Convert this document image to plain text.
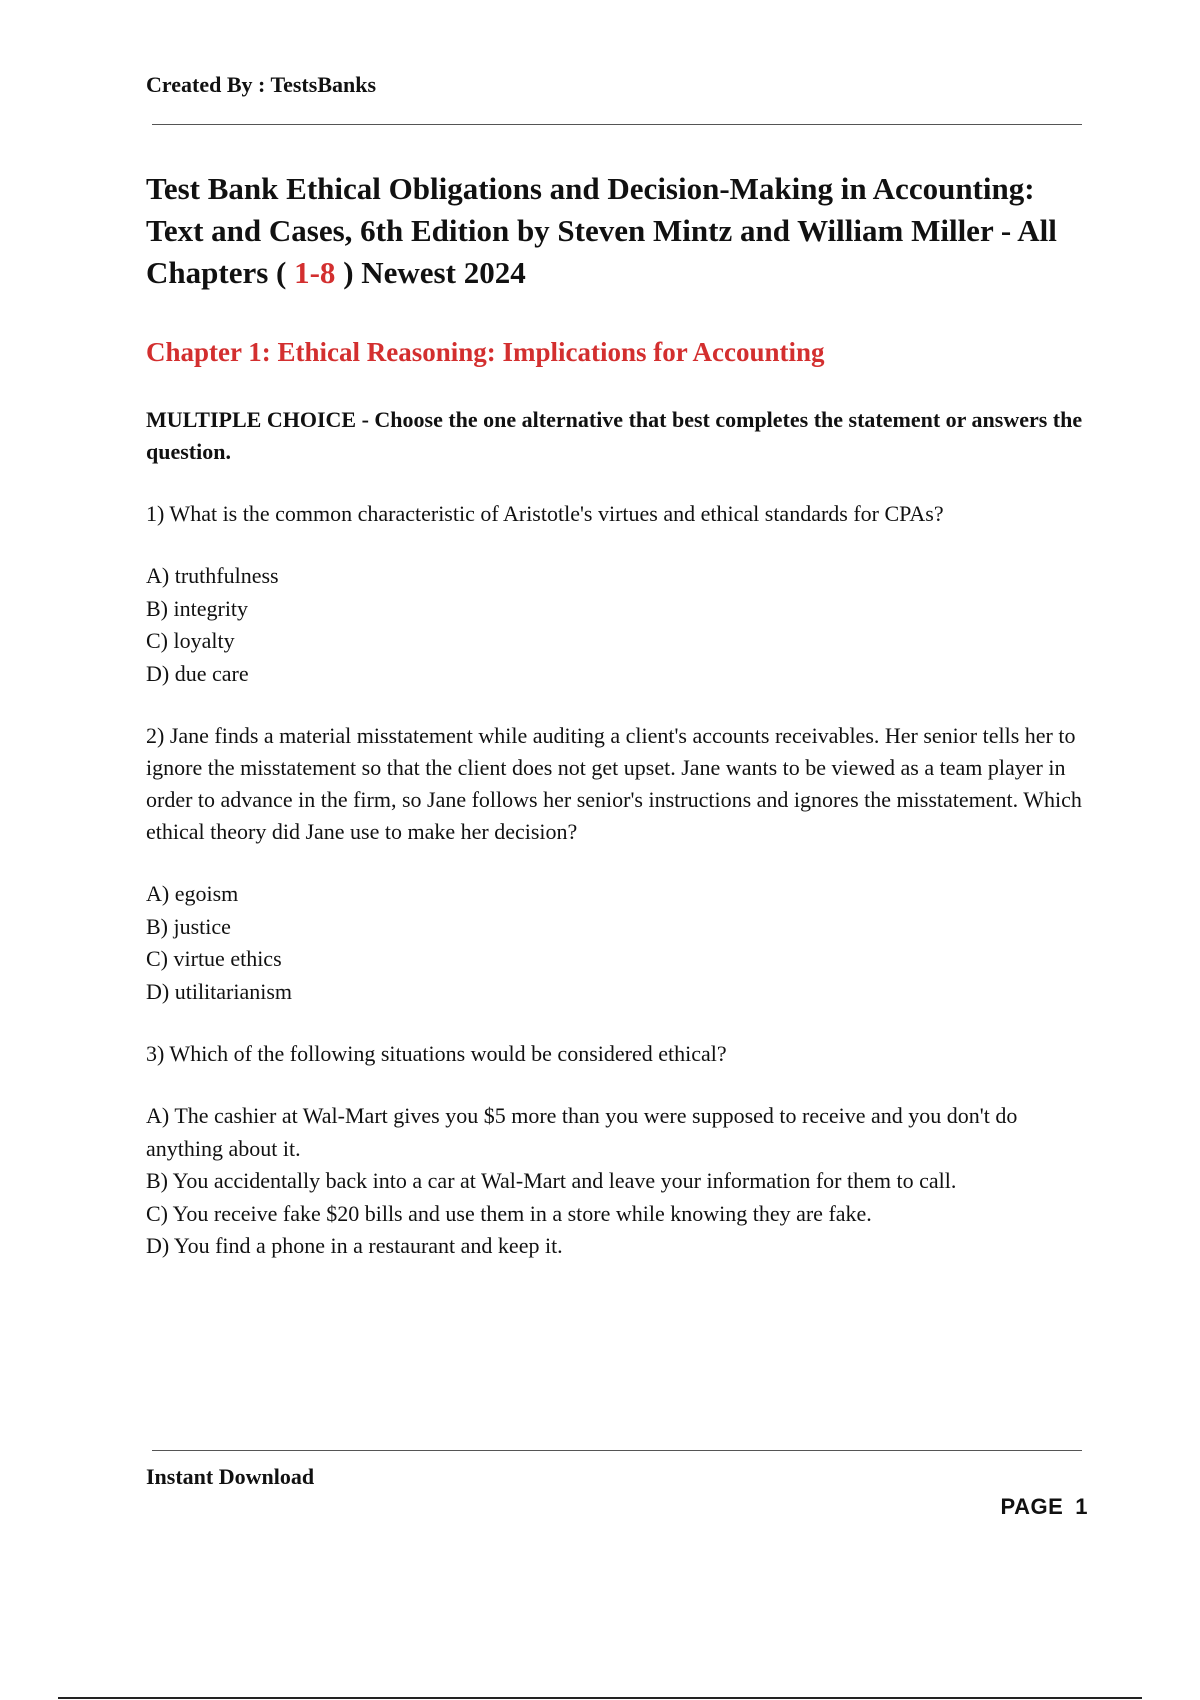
Created By : TestsBanks
Test Bank Ethical Obligations and Decision-Making in Accounting: Text and Cases, 6th Edition by Steven Mintz and William Miller - All Chapters ( 1-8 ) Newest 2024
Chapter 1: Ethical Reasoning: Implications for Accounting

MULTIPLE CHOICE - Choose the one alternative that best completes the statement or answers the question.

1) What is the common characteristic of Aristotle's virtues and ethical standards for CPAs?

A) truthfulness
B) integrity
C) loyalty
D) due care

2) Jane finds a material misstatement while auditing a client's accounts receivables. Her senior tells her to ignore the misstatement so that the client does not get upset. Jane wants to be viewed as a team player in order to advance in the firm, so Jane follows her senior's instructions and ignores the misstatement. Which ethical theory did Jane use to make her decision?

A) egoism
B) justice
C) virtue ethics
D) utilitarianism

3) Which of the following situations would be considered ethical?

A) The cashier at Wal-Mart gives you $5 more than you were supposed to receive and you don't do anything about it.
B) You accidentally back into a car at Wal-Mart and leave your information for them to call.
C) You receive fake $20 bills and use them in a store while knowing they are fake.
D) You find a phone in a restaurant and keep it.
Instant Download
PAGE 1
